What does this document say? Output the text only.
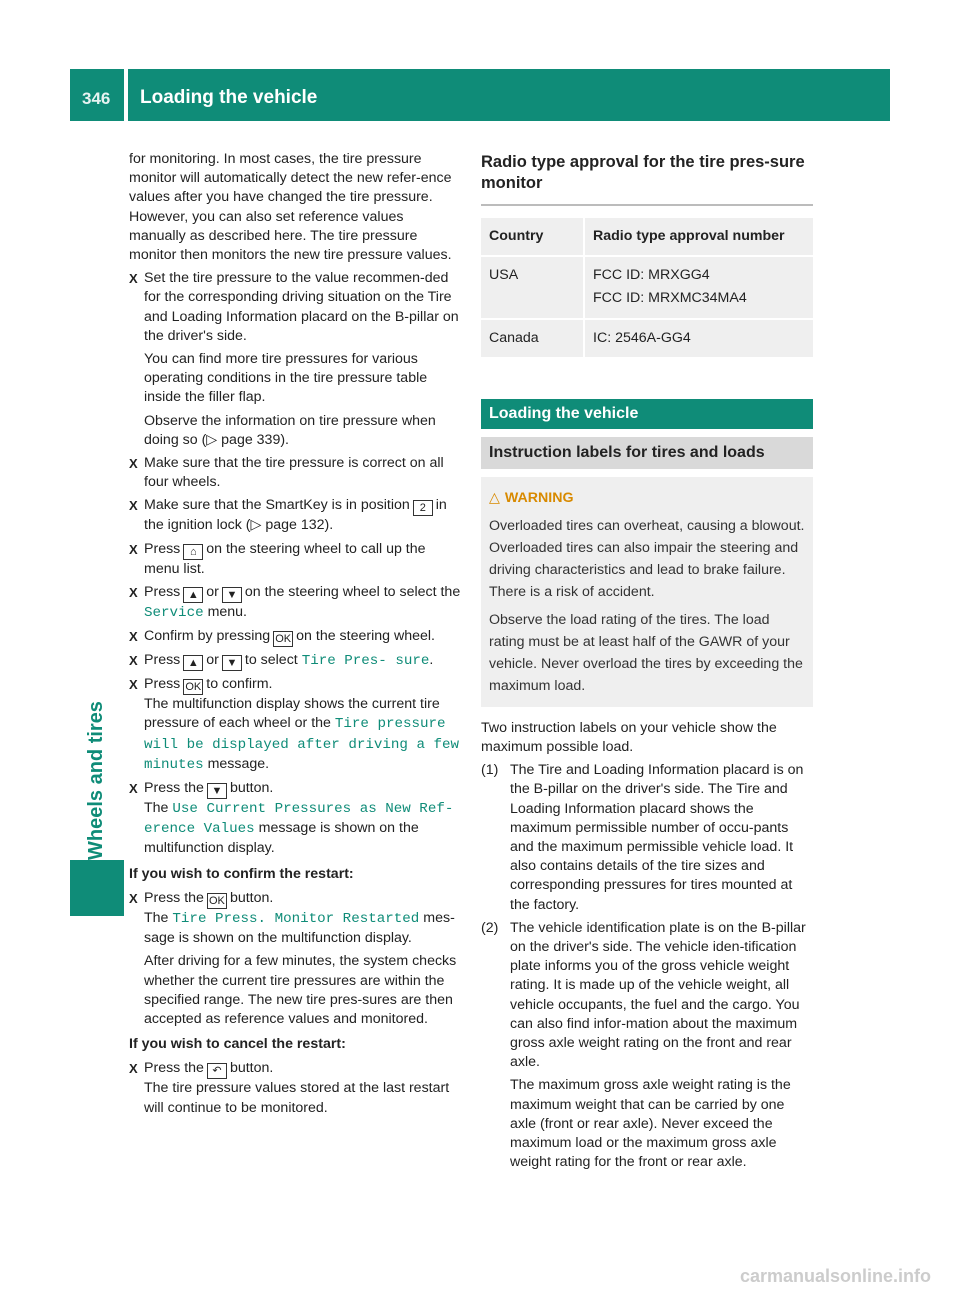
346 Loading the vehicle
Wheels and tires

for monitoring. In most cases, the tire pressure monitor will automatically detect the new refer-ence values after you have changed the tire pressure. However, you can also set reference values manually as described here. The tire pressure monitor then monitors the new tire pressure values.

X Set the tire pressure to the value recommen-ded for the corresponding driving situation on the Tire and Loading Information placard on the B-pillar on the driver's side.

You can find more tire pressures for various operating conditions in the tire pressure table inside the filler flap.

Observe the information on tire pressure when doing so (▷ page 339).

X Make sure that the tire pressure is correct on all four wheels.
X Make sure that the SmartKey is in position 2 in the ignition lock (▷ page 132).
X Press ⌂ on the steering wheel to call up the menu list.
X Press ▲ or ▼ on the steering wheel to select the Service menu.
X Confirm by pressing OK on the steering wheel.
X Press ▲ or ▼ to select Tire Pres‐ sure.
X Press OK to confirm.
The multifunction display shows the current tire pressure of each wheel or the Tire pressure will be displayed after driving a few minutes message.
X Press the ▼ button.
The Use Current Pressures as New Ref‐ erence Values message is shown on the multifunction display.

If you wish to confirm the restart:

X Press the OK button.
The Tire Press. Monitor Restarted mes-sage is shown on the multifunction display.

After driving for a few minutes, the system checks whether the current tire pressures are within the specified range. The new tire pres-sures are then accepted as reference values and monitored.

If you wish to cancel the restart:

X Press the ↶ button.
The tire pressure values stored at the last restart will continue to be monitored.
Radio type approval for the tire pres-sure monitor
Country	Radio type approval number
USA	FCC ID: MRXGG4
FCC ID: MRXMC34MA4

Canada	IC: 2546A-GG4
Loading the vehicle
Instruction labels for tires and loads
△ WARNING

Overloaded tires can overheat, causing a blowout. Overloaded tires can also impair the steering and driving characteristics and lead to brake failure. There is a risk of accident.

Observe the load rating of the tires. The load rating must be at least half of the GAWR of your vehicle. Never overload the tires by exceeding the maximum load.

Two instruction labels on your vehicle show the maximum possible load.

(1) The Tire and Loading Information placard is on the B-pillar on the driver's side. The Tire and Loading Information placard shows the maximum permissible number of occu-pants and the maximum permissible vehicle load. It also contains details of the tire sizes and corresponding pressures for tires mounted at the factory.
(2) The vehicle identification plate is on the B-pillar on the driver's side. The vehicle iden-tification plate informs you of the gross vehicle weight rating. It is made up of the vehicle weight, all vehicle occupants, the fuel and the cargo. You can also find infor-mation about the maximum gross axle weight rating on the front and rear axle.

The maximum gross axle weight rating is the maximum weight that can be carried by one axle (front or rear axle). Never exceed the maximum load or the maximum gross axle weight rating for the front or rear axle.

carmanualsonline.info
